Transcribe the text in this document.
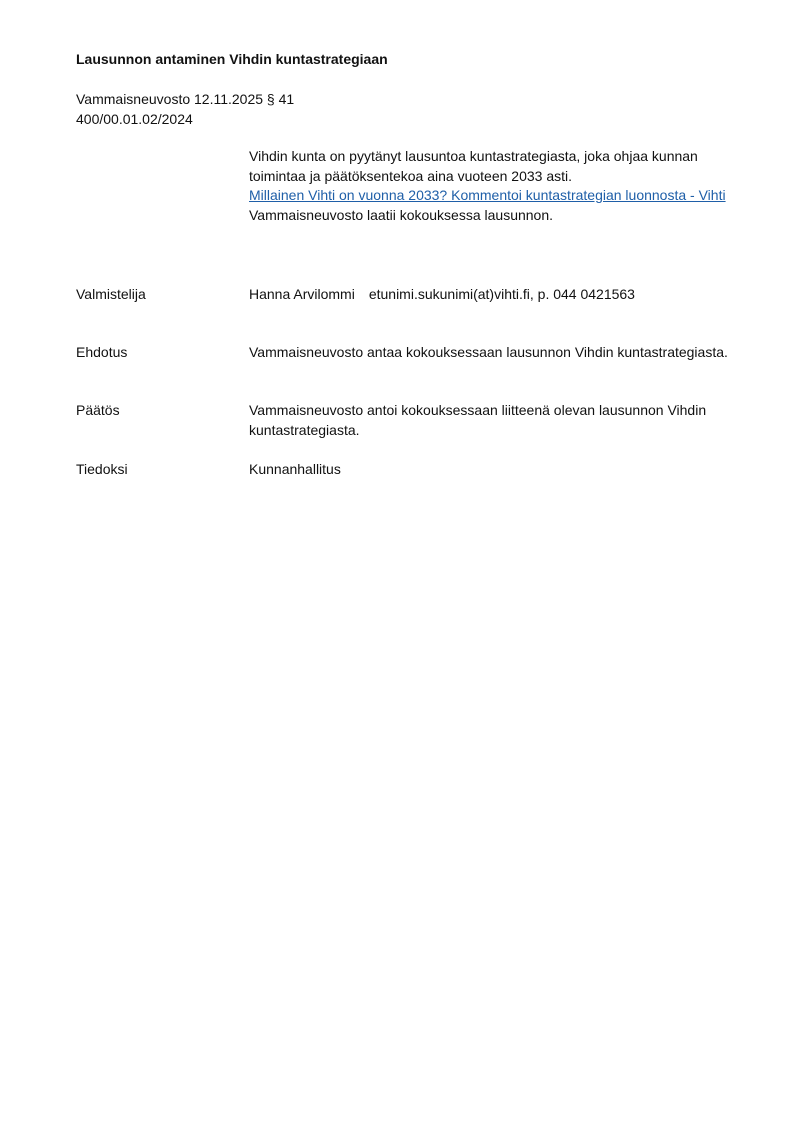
Lausunnon antaminen Vihdin kuntastrategiaan
Vammaisneuvosto 12.11.2025 § 41
400/00.01.02/2024

Vihdin kunta on pyytänyt lausuntoa kuntastrategiasta, joka ohjaa kunnan toimintaa ja päätöksentekoa aina vuoteen 2033 asti.

Millainen Vihti on vuonna 2033? Kommentoi kuntastrategian luonnosta - Vihti

Vammaisneuvosto laatii kokouksessa lausunnon.

Valmistelija	Hanna Arvilommi etunimi.sukunimi(at)vihti.fi, p. 044 0421563
Ehdotus	Vammaisneuvosto antaa kokouksessaan lausunnon Vihdin kuntastrategiasta.
Päätös	Vammaisneuvosto antoi kokouksessaan liitteenä olevan lausunnon Vihdin kuntastrategiasta.
Tiedoksi	Kunnanhallitus
